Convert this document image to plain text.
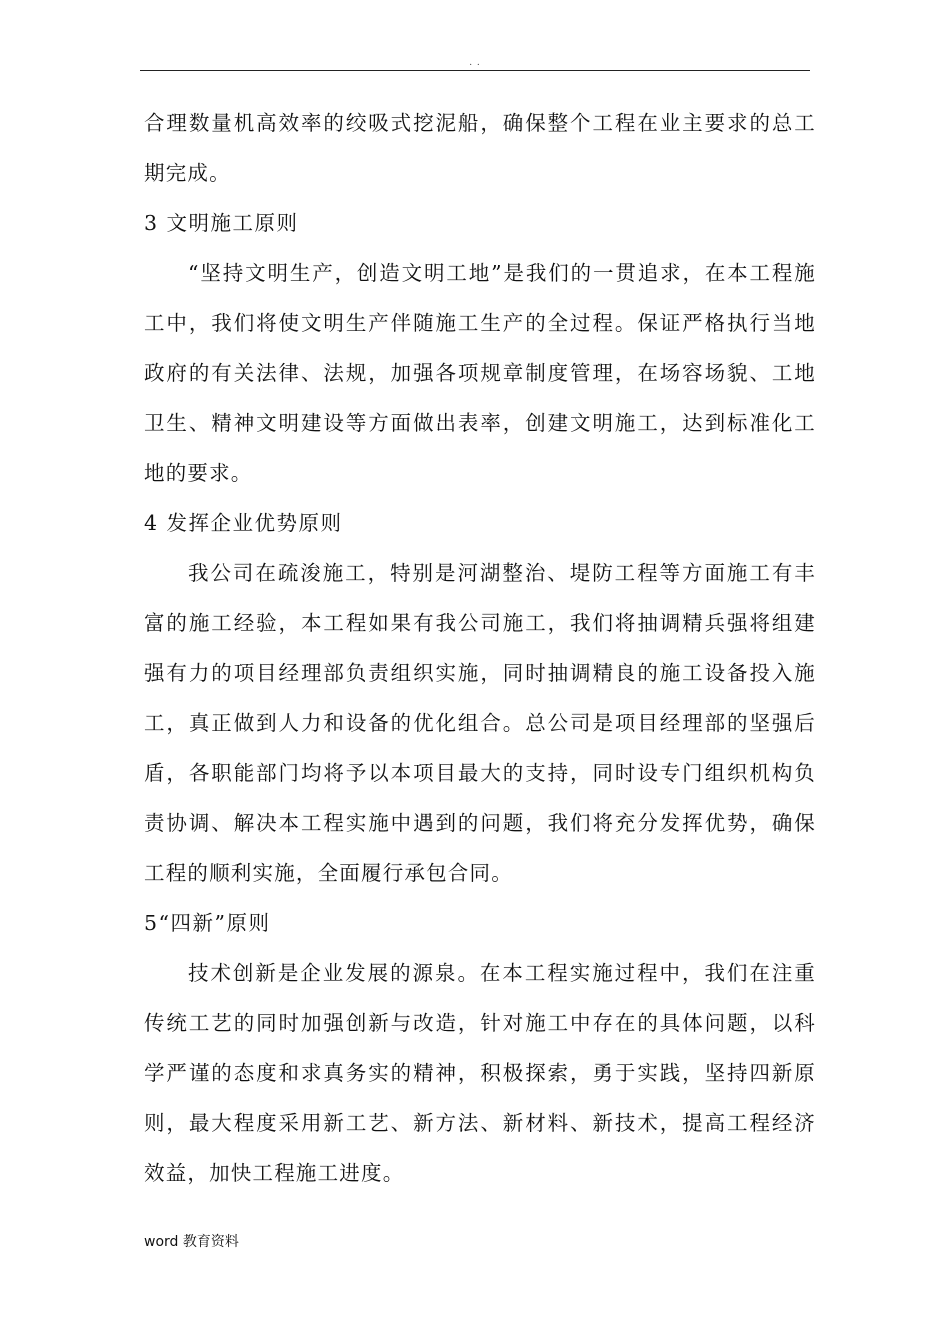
. .

合理数量机高效率的绞吸式挖泥船，确保整个工程在业主要求的总工期完成。

3 文明施工原则

“坚持文明生产，创造文明工地”是我们的一贯追求，在本工程施工中，我们将使文明生产伴随施工生产的全过程。保证严格执行当地政府的有关法律、法规，加强各项规章制度管理，在场容场貌、工地卫生、精神文明建设等方面做出表率，创建文明施工，达到标准化工地的要求。

4 发挥企业优势原则

我公司在疏浚施工，特别是河湖整治、堤防工程等方面施工有丰富的施工经验，本工程如果有我公司施工，我们将抽调精兵强将组建强有力的项目经理部负责组织实施，同时抽调精良的施工设备投入施工，真正做到人力和设备的优化组合。总公司是项目经理部的坚强后盾，各职能部门均将予以本项目最大的支持，同时设专门组织机构负责协调、解决本工程实施中遇到的问题，我们将充分发挥优势，确保工程的顺利实施，全面履行承包合同。

5“四新”原则

技术创新是企业发展的源泉。在本工程实施过程中，我们在注重传统工艺的同时加强创新与改造，针对施工中存在的具体问题，以科学严谨的态度和求真务实的精神，积极探索，勇于实践，坚持四新原则，最大程度采用新工艺、新方法、新材料、新技术，提高工程经济效益，加快工程施工进度。

word 教育资料
